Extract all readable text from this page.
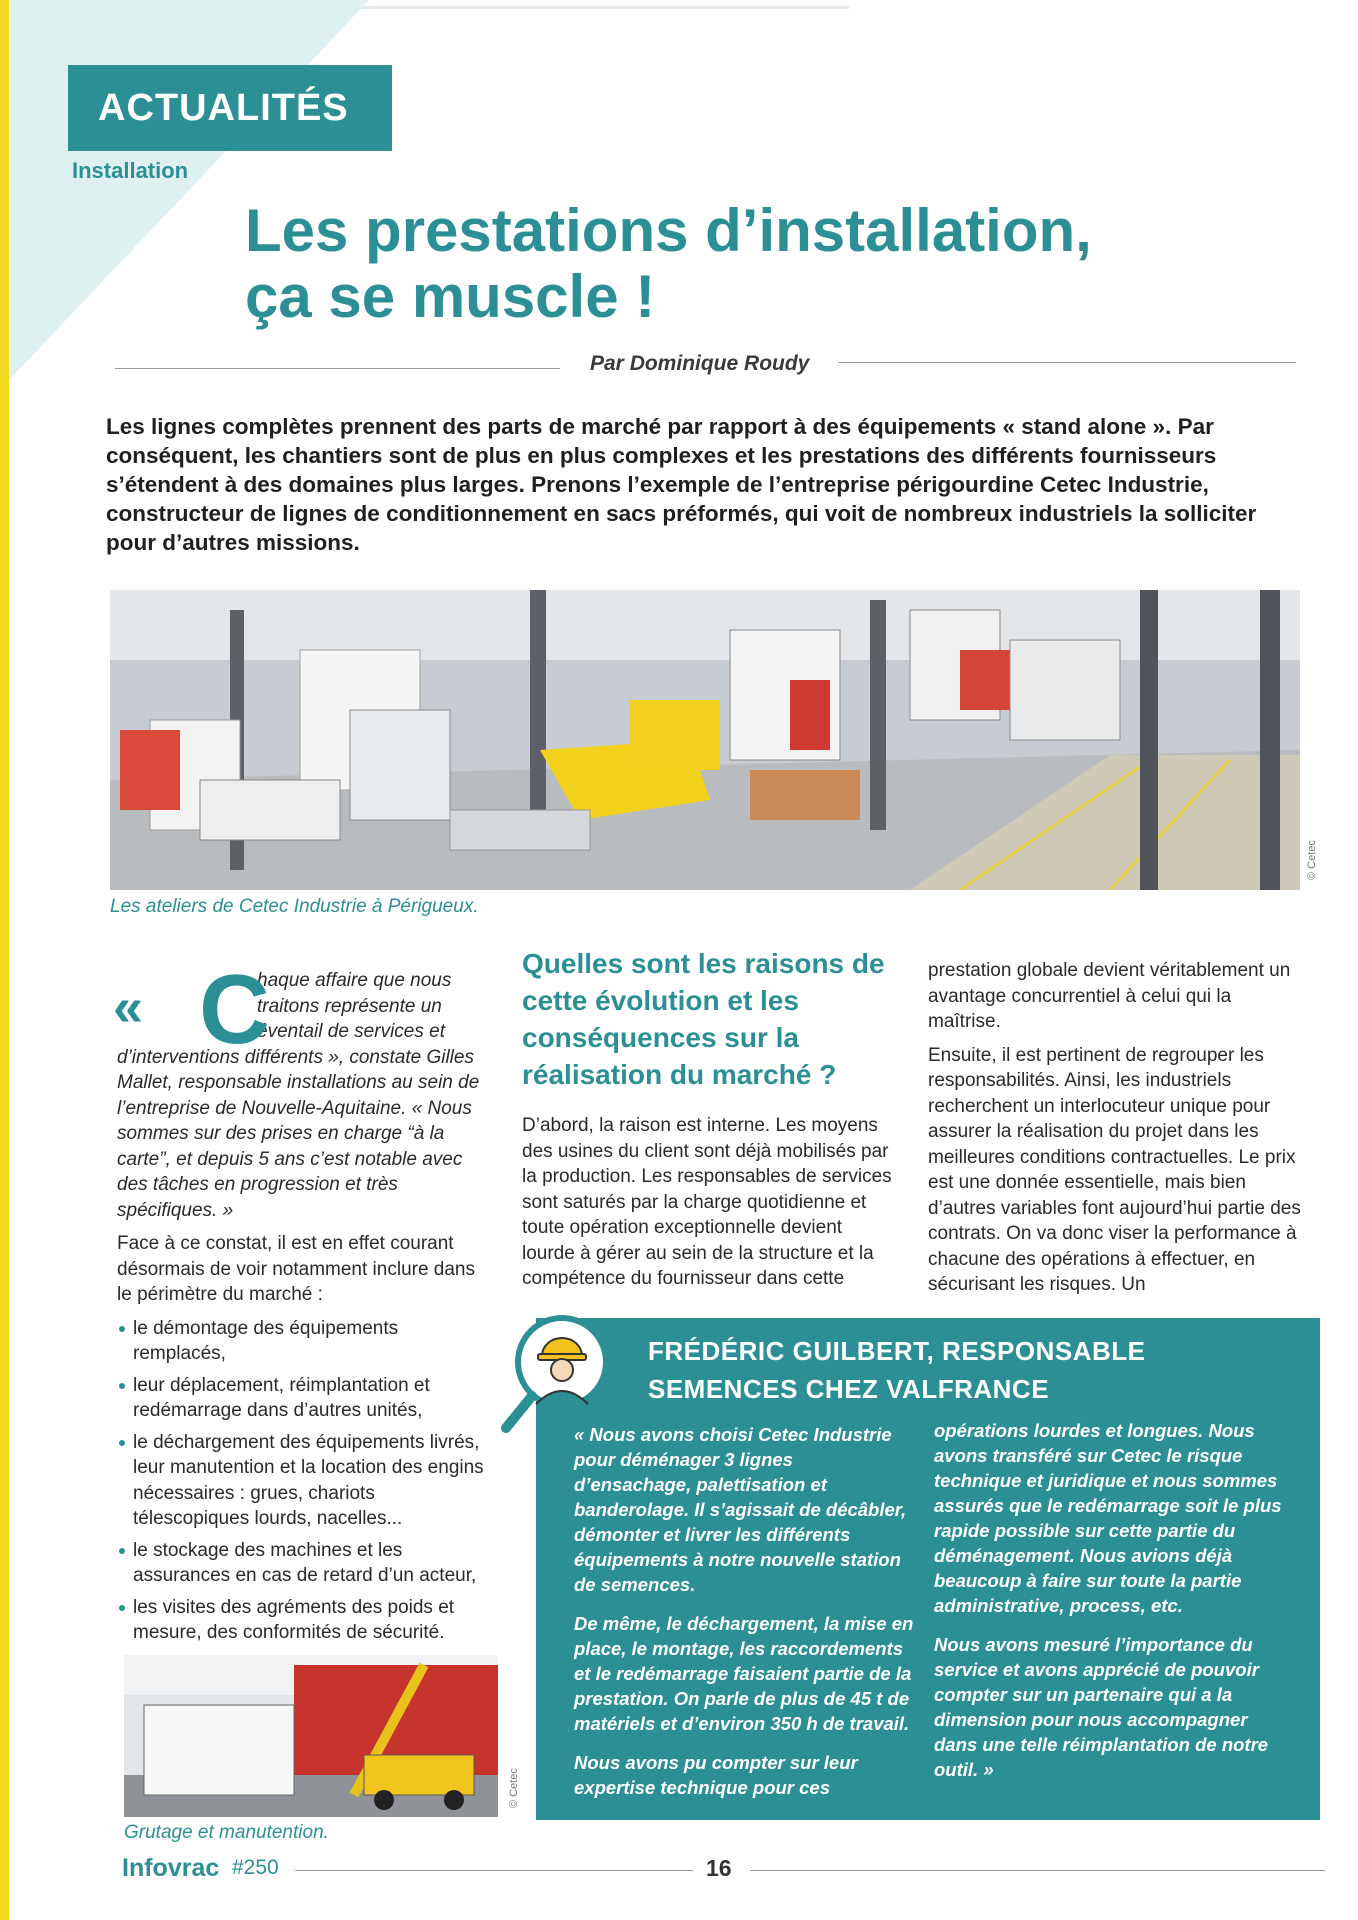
ACTUALITÉS
Installation
Les prestations d’installation,
ça se muscle !
Par Dominique Roudy
Les lignes complètes prennent des parts de marché par rapport à des équipements « stand alone ». Par conséquent, les chantiers sont de plus en plus complexes et les prestations des différents fournisseurs s’étendent à des domaines plus larges. Prenons l’exemple de l’entreprise périgourdine Cetec Industrie, constructeur de lignes de conditionnement en sacs préformés, qui voit de nombreux industriels la solliciter pour d’autres missions.
© Cetec
Les ateliers de Cetec Industrie à Périgueux.
« C

haque affaire que nous traitons représente un éventail de services et d’interventions différents », constate Gilles Mallet, responsable installations au sein de l’entreprise de Nouvelle-Aquitaine. « Nous sommes sur des prises en charge “à la carte”, et depuis 5 ans c’est notable avec des tâches en progression et très spécifiques. »

Face à ce constat, il est en effet courant désormais de voir notamment inclure dans le périmètre du marché :

le démontage des équipements remplacés,
leur déplacement, réimplantation et redémarrage dans d’autres unités,
le déchargement des équipements livrés, leur manutention et la location des engins nécessaires : grues, chariots télescopiques lourds, nacelles...
le stockage des machines et les assurances en cas de retard d’un acteur,
les visites des agréments des poids et mesure, des conformités de sécurité.
Quelles sont les raisons de cette évolution et les conséquences sur la réalisation du marché ?

D’abord, la raison est interne. Les moyens des usines du client sont déjà mobilisés par la production. Les responsables de services sont saturés par la charge quotidienne et toute opération exceptionnelle devient lourde à gérer au sein de la structure et la compétence du fournisseur dans cette

prestation globale devient véritablement un avantage concurrentiel à celui qui la maîtrise.

Ensuite, il est pertinent de regrouper les responsabilités. Ainsi, les industriels recherchent un interlocuteur unique pour assurer la réalisation du projet dans les meilleures conditions contractuelles. Le prix est une donnée essentielle, mais bien d’autres variables font aujourd’hui partie des contrats. On va donc viser la performance à chacune des opérations à effectuer, en sécurisant les risques. Un

FRÉDÉRIC GUILBERT, RESPONSABLE
SEMENCES CHEZ VALFRANCE

« Nous avons choisi Cetec Industrie pour déménager 3 lignes d’ensachage, palettisation et banderolage. Il s’agissait de décâbler, démonter et livrer les différents équipements à notre nouvelle station de semences.

De même, le déchargement, la mise en place, le montage, les raccordements et le redémarrage faisaient partie de la prestation. On parle de plus de 45 t de matériels et d’environ 350 h de travail.

Nous avons pu compter sur leur expertise technique pour ces

opérations lourdes et longues. Nous avons transféré sur Cetec le risque technique et juridique et nous sommes assurés que le redémarrage soit le plus rapide possible sur cette partie du déménagement. Nous avions déjà beaucoup à faire sur toute la partie administrative, process, etc.

Nous avons mesuré l’importance du service et avons apprécié de pouvoir compter sur un partenaire qui a la dimension pour nous accompagner dans une telle réimplantation de notre outil. »

© Cetec
Grutage et manutention.
Infovrac #250	16
